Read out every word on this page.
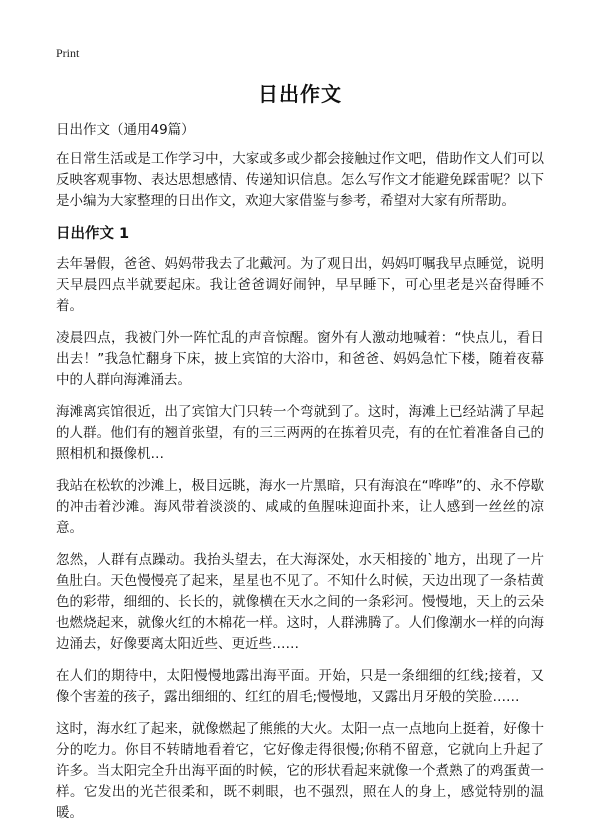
Print
日出作文
日出作文（通用49篇）

在日常生活或是工作学习中，大家或多或少都会接触过作文吧，借助作文人们可以反映客观事物、表达思想感情、传递知识信息。怎么写作文才能避免踩雷呢？以下是小编为大家整理的日出作文，欢迎大家借鉴与参考，希望对大家有所帮助。

日出作文 1

去年暑假，爸爸、妈妈带我去了北戴河。为了观日出，妈妈叮嘱我早点睡觉，说明天早晨四点半就要起床。我让爸爸调好闹钟，早早睡下，可心里老是兴奋得睡不着。

凌晨四点，我被门外一阵忙乱的声音惊醒。窗外有人激动地喊着：“快点儿，看日出去！”我急忙翻身下床，披上宾馆的大浴巾，和爸爸、妈妈急忙下楼，随着夜幕中的人群向海滩涌去。

海滩离宾馆很近，出了宾馆大门只转一个弯就到了。这时，海滩上已经站满了早起的人群。他们有的翘首张望，有的三三两两的在拣着贝壳，有的在忙着准备自己的照相机和摄像机…

我站在松软的沙滩上，极目远眺，海水一片黑暗，只有海浪在“哗哗”的、永不停歇的冲击着沙滩。海风带着淡淡的、咸咸的鱼腥味迎面扑来，让人感到一丝丝的凉意。

忽然，人群有点躁动。我抬头望去，在大海深处，水天相接的`地方，出现了一片鱼肚白。天色慢慢亮了起来，星星也不见了。不知什么时候，天边出现了一条桔黄色的彩带，细细的、长长的，就像横在天水之间的一条彩河。慢慢地，天上的云朵也燃烧起来，就像火红的木棉花一样。这时，人群沸腾了。人们像潮水一样的向海边涌去，好像要离太阳近些、更近些……

在人们的期待中，太阳慢慢地露出海平面。开始，只是一条细细的红线;接着，又像个害羞的孩子，露出细细的、红红的眉毛;慢慢地，又露出月牙般的笑脸……

这时，海水红了起来，就像燃起了熊熊的大火。太阳一点一点地向上挺着，好像十分的吃力。你目不转睛地看着它，它好像走得很慢;你稍不留意，它就向上升起了许多。当太阳完全升出海平面的时候，它的形状看起来就像一个煮熟了的鸡蛋黄一样。它发出的光芒很柔和，既不刺眼，也不强烈，照在人的身上，感觉特别的温暖。
